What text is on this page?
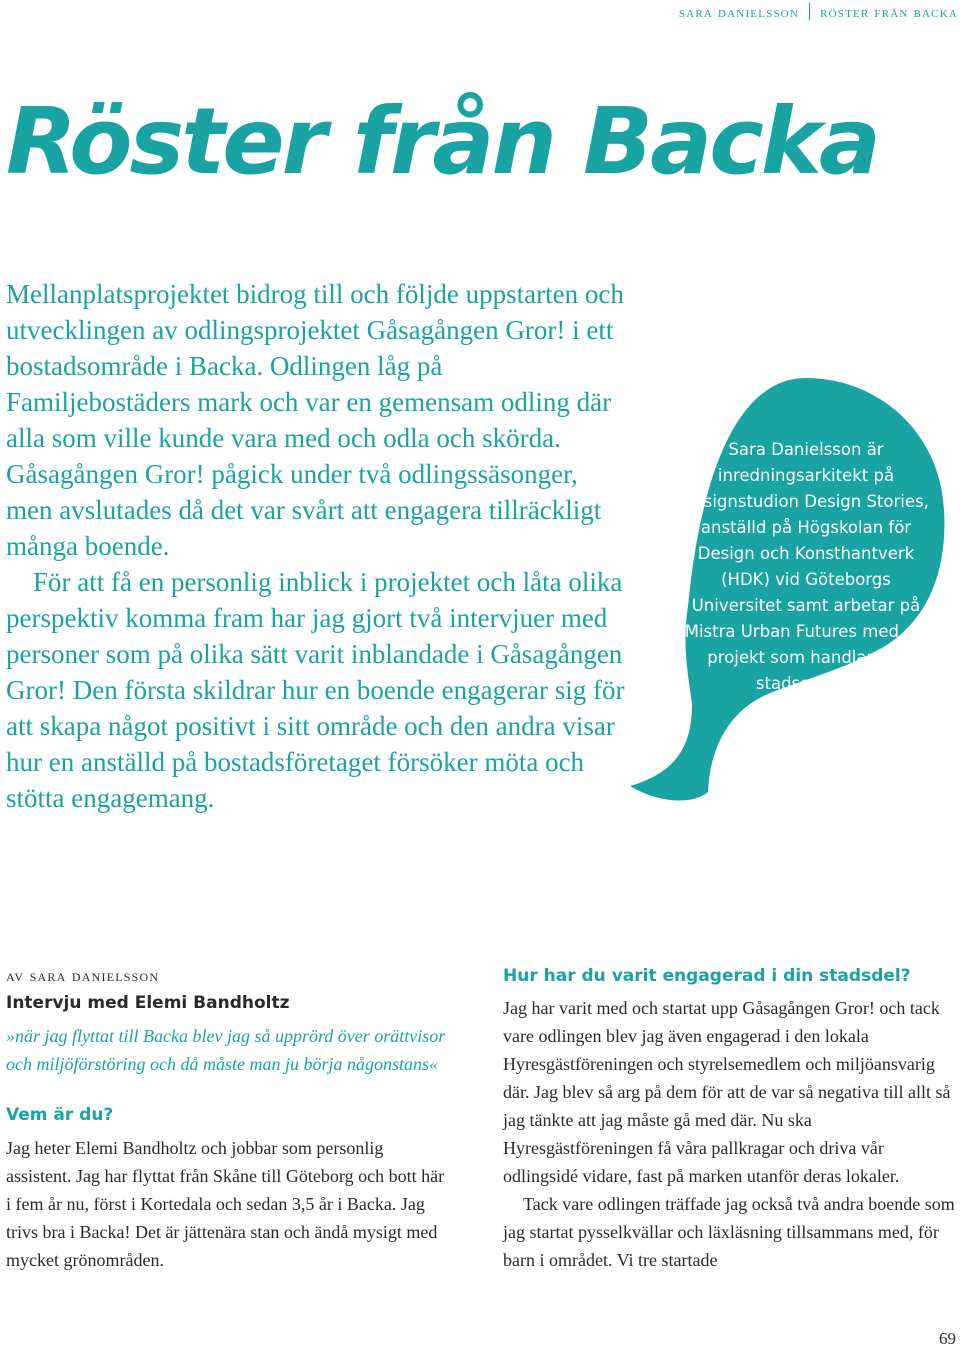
sara danielsson röster från backa
Röster från Backa

Mellanplatsprojektet bidrog till och följde uppstarten och utvecklingen av odlingsprojektet Gåsagången Gror! i ett bostadsområde i Backa. Odlingen låg på Familjebostäders mark och var en gemensam odling där alla som ville kunde vara med och odla och skörda. Gåsagången Gror! pågick under två odlingssäsonger, men avslutades då det var svårt att engagera tillräckligt många boende.

För att få en personlig inblick i projektet och låta olika perspektiv komma fram har jag gjort två intervjuer med personer som på olika sätt varit inblandade i Gåsagången Gror! Den första skildrar hur en boende engagerar sig för att skapa något positivt i sitt område och den andra visar hur en anställd på bostadsföretaget försöker möta och stötta engagemang.

Sara Danielsson är inredningsarkitekt på designstudion Design Stories, anställd på Högskolan för Design och Konsthantverk (HDK) vid Göteborgs Universitet samt arbetar på Mistra Urban Futures med ett projekt som handlar om stadsodling.
av sara danielsson
Intervju med Elemi Bandholtz
»när jag flyttat till Backa blev jag så upprörd över orättvisor och miljöförstöring och då måste man ju börja någonstans«
Vem är du?

Jag heter Elemi Bandholtz och jobbar som personlig assistent. Jag har flyttat från Skåne till Göteborg och bott här i fem år nu, först i Kortedala och sedan 3,5 år i Backa. Jag trivs bra i Backa! Det är jättenära stan och ändå mysigt med mycket grönområden.

Hur har du varit engagerad i din stadsdel?

Jag har varit med och startat upp Gåsagången Gror! och tack vare odlingen blev jag även engagerad i den lokala Hyresgästföreningen och styrelsemedlem och miljöansvarig där. Jag blev så arg på dem för att de var så negativa till allt så jag tänkte att jag måste gå med där. Nu ska Hyresgästföreningen få våra pallkragar och driva vår odlingsidé vidare, fast på marken utanför deras lokaler.

Tack vare odlingen träffade jag också två andra boende som jag startat pysselkvällar och läxläsning tillsammans med, för barn i området. Vi tre startade

69
